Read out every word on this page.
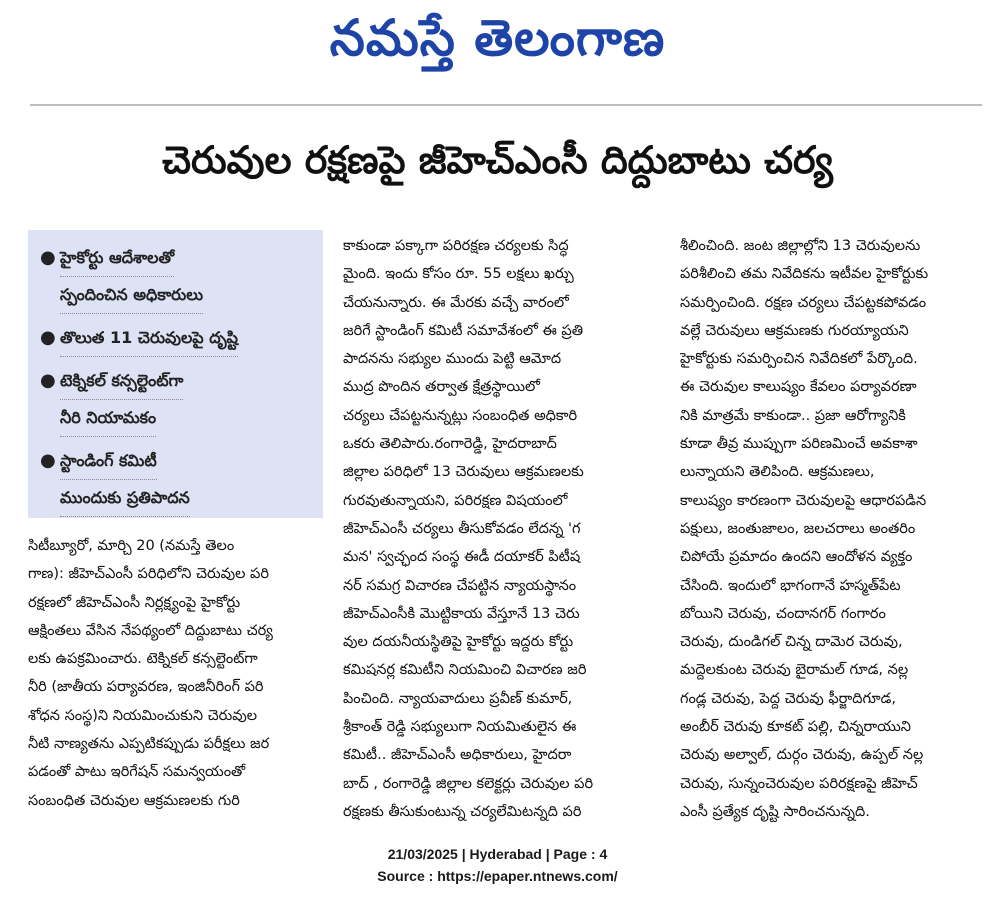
నమస్తే తెలంగాణ
చెరువుల రక్షణపై జీహెచ్‌ఎంసీ దిద్దుబాటు చర్య
● హైకోర్టు ఆదేశాలతో
స్పందించిన అధికారులు
● తొలుత 11 చెరువులపై దృష్టి
● టెక్నికల్ కన్సల్టెంట్‌గా
నీరి నియామకం
● స్టాండింగ్ కమిటీ
ముందుకు ప్రతిపాదన
సిటీబ్యూరో, మార్చి 20 (నమస్తే తెలం
గాణ): జీహెచ్‌ఎంసీ పరిధిలోని చెరువుల పరి
రక్షణలో జీహెచ్‌ఎంసీ నిర్లక్ష్యంపై హైకోర్టు
ఆక్షింతలు వేసిన నేపథ్యంలో దిద్దుబాటు చర్య
లకు ఉపక్రమించారు. టెక్నికల్ కన్సల్టెంట్‌గా
నీరి (జాతీయ పర్యావరణ, ఇంజినీరింగ్ పరి
శోధన సంస్థ)ని నియమించుకుని చెరువుల
నీటి నాణ్యతను ఎప్పటికప్పుడు పరీక్షలు జర
పడంతో పాటు ఇరిగేషన్ సమన్వయంతో
సంబంధిత చెరువుల ఆక్రమణలకు గురి
కాకుండా పక్కాగా పరిరక్షణ చర్యలకు సిద్ధ
మైంది. ఇందు కోసం రూ. 55 లక్షలు ఖర్చు
చేయనున్నారు. ఈ మేరకు వచ్చే వారంలో
జరిగే స్టాండింగ్ కమిటీ సమావేశంలో ఈ ప్రతి
పాదనను సభ్యుల ముందు పెట్టి ఆమోద
ముద్ర పొందిన తర్వాత క్షేత్రస్థాయిలో
చర్యలు చేపట్టనున్నట్లు సంబంధిత అధికారి
ఒకరు తెలిపారు.రంగారెడ్డి, హైదరాబాద్
జిల్లాల పరిధిలో 13 చెరువులు ఆక్రమణలకు
గురవుతున్నాయని, పరిరక్షణ విషయంలో
జీహెచ్‌ఎంసీ చర్యలు తీసుకోవడం లేదన్న 'గ
మన' స్వచ్ఛంద సంస్థ ఈడీ దయాకర్ పిటీష
నర్ సమగ్ర విచారణ చేపట్టిన న్యాయస్థానం
జీహెచ్‌ఎంసీకి మొట్టికాయ వేస్తూనే 13 చెరు
వుల దయనీయస్థితిపై హైకోర్టు ఇద్దరు కోర్టు
కమిషనర్ల కమిటీని నియమించి విచారణ జరి
పించింది. న్యాయవాదులు ప్రవీణ్ కుమార్,
శ్రీకాంత్ రెడ్డి సభ్యులుగా నియమితులైన ఈ
కమిటీ.. జీహెచ్‌ఎంసీ అధికారులు, హైదరా
బాద్ , రంగారెడ్డి జిల్లాల కలెక్టర్లు చెరువుల పరి
రక్షణకు తీసుకుంటున్న చర్యలేమిటన్నది పరి
శీలించింది. జంట జిల్లాల్లోని 13 చెరువులను
పరిశీలించి తమ నివేదికను ఇటీవల హైకోర్టుకు
సమర్పించింది. రక్షణ చర్యలు చేపట్టకపోవడం
వల్లే చెరువులు ఆక్రమణకు గురయ్యాయని
హైకోర్టుకు సమర్పించిన నివేదికలో పేర్కొంది.
ఈ చెరువుల కాలుష్యం కేవలం పర్యావరణా
నికి మాత్రమే కాకుండా.. ప్రజా ఆరోగ్యానికి
కూడా తీవ్ర ముప్పుగా పరిణమించే అవకాశా
లున్నాయని తెలిపింది. ఆక్రమణలు,
కాలుష్యం కారణంగా చెరువులపై ఆధారపడిన
పక్షులు, జంతుజాలం, జలచరాలు అంతరిం
చిపోయే ప్రమాదం ఉందని ఆందోళన వ్యక్తం
చేసింది. ఇందులో భాగంగానే హస్మత్‌పేట
బోయిని చెరువు, చందానగర్ గంగారం
చెరువు, దుండిగల్ చిన్న దామెర చెరువు,
మద్దెలకుంట చెరువు బైరామల్ గూడ, నల్ల
గండ్ల చెరువు, పెద్ద చెరువు ఫీర్జాదిగూడ,
అంబీర్ చెరువు కూకట్ పల్లి, చిన్నరాయుని
చెరువు అల్వాల్, దుర్గం చెరువు, ఉప్పల్ నల్ల
చెరువు, సున్నంచెరువుల పరిరక్షణపై జీహెచ్
ఎంసీ ప్రత్యేక దృష్టి సారించనున్నది.
21/03/2025 | Hyderabad | Page : 4
Source : https://epaper.ntnews.com/
